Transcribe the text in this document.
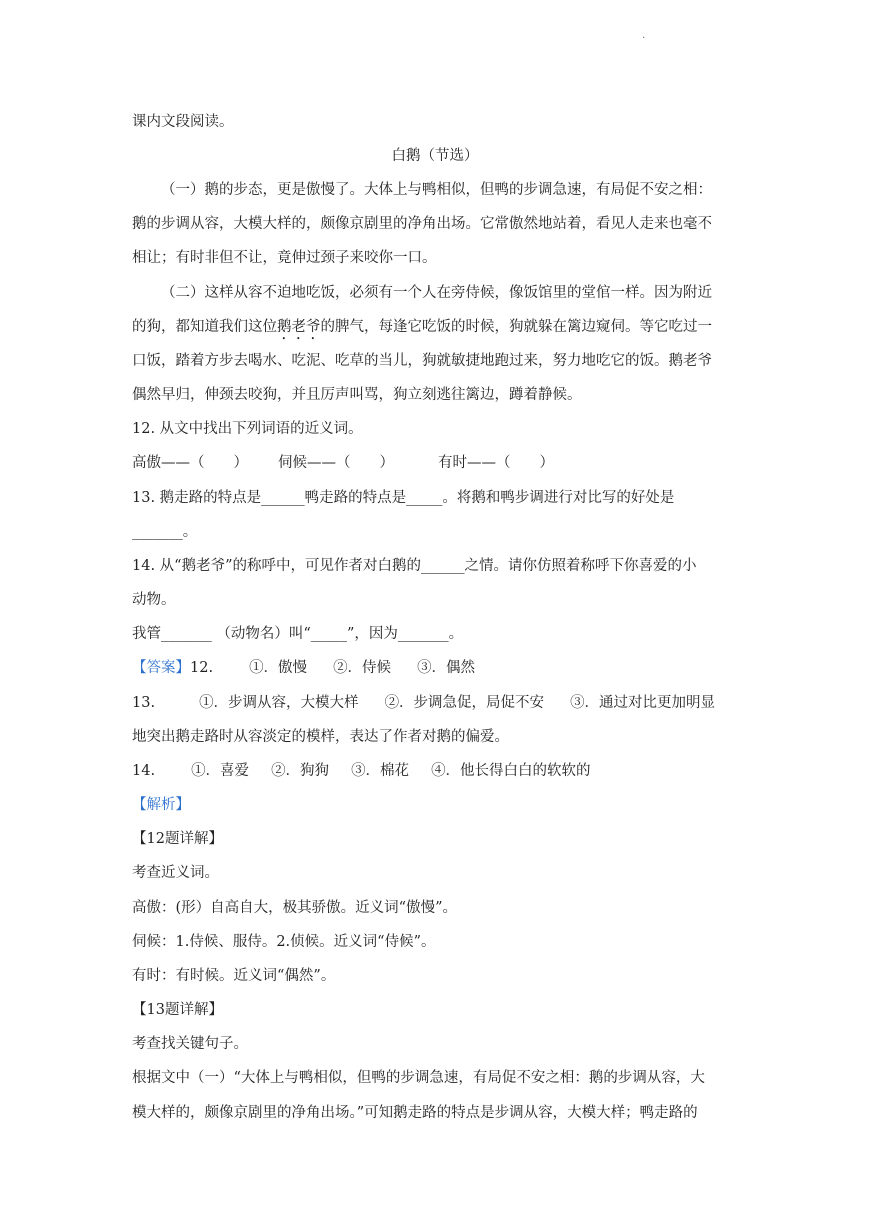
.
课内文段阅读。
白鹅（节选）
（一）鹅的步态，更是傲慢了。大体上与鸭相似，但鸭的步调急速，有局促不安之相：
鹅的步调从容，大模大样的，颇像京剧里的净角出场。它常傲然地站着，看见人走来也毫不
相让；有时非但不让，竟伸过颈子来咬你一口。
（二）这样从容不迫地吃饭，必须有一个人在旁侍候，像饭馆里的堂倌一样。因为附近
的狗，都知道我们这位鹅老爷的脾气，每逢它吃饭的时候，狗就躲在篱边窥伺。等它吃过一
口饭，踏着方步去喝水、吃泥、吃草的当儿，狗就敏捷地跑过来，努力地吃它的饭。鹅老爷
偶然早归，伸颈去咬狗，并且厉声叫骂，狗立刻逃往篱边，蹲着静候。
12. 从文中找出下列词语的近义词。
高傲——（　　） 伺候——（　　）	有时——（　　）
13. 鹅走路的特点是______鸭走路的特点是_____。将鹅和鸭步调进行对比写的好处是
_______。
14. 从“鹅老爷”的称呼中，可见作者对白鹅的______之情。请你仿照着称呼下你喜爱的小
动物。
我管_______ （动物名）叫“_____”，因为_______。
【答案】12. ①．傲慢 ②．侍候 ③．偶然
13.	①．步调从容，大模大样 ②．步调急促，局促不安 ③．通过对比更加明显
地突出鹅走路时从容淡定的模样，表达了作者对鹅的偏爱。
14. ①．喜爱 ②．狗狗 ③．棉花 ④．他长得白白的软软的
【解析】
【12题详解】
考查近义词。
高傲：(形）自高自大，极其骄傲。近义词“傲慢”。
伺候：1.侍候、服侍。2.侦候。近义词“侍候”。
有时：有时候。近义词“偶然”。
【13题详解】
考查找关键句子。
根据文中（一）“大体上与鸭相似，但鸭的步调急速，有局促不安之相：鹅的步调从容，大
模大样的，颇像京剧里的净角出场。”可知鹅走路的特点是步调从容，大模大样；鸭走路的
